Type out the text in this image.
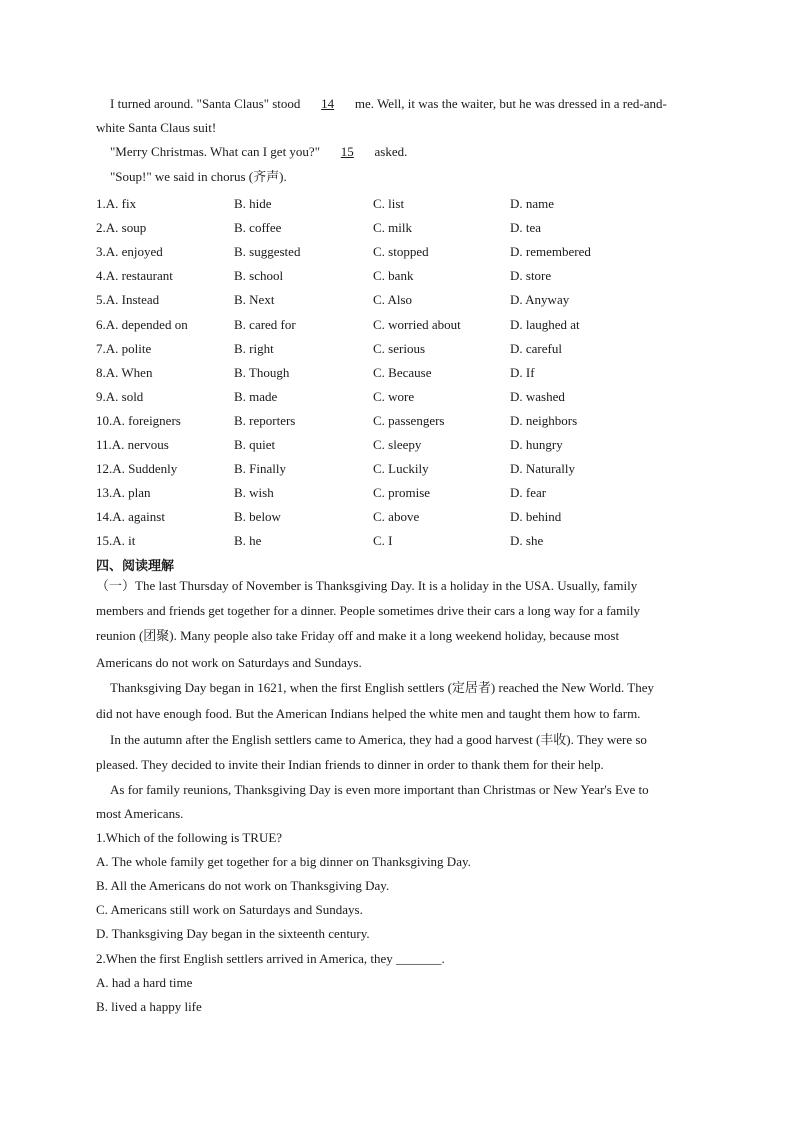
I turned around. "Santa Claus" stood 14 me. Well, it was the waiter, but he was dressed in a red-and-
white Santa Claus suit!
"Merry Christmas. What can I get you?" 15 asked.
"Soup!" we said in chorus (齐声).
1.A. fix	B. hide	C. list	D. name
2.A. soup	B. coffee	C. milk	D. tea
3.A. enjoyed	B. suggested	C. stopped	D. remembered
4.A. restaurant	B. school	C. bank	D. store
5.A. Instead	B. Next	C. Also	D. Anyway
6.A. depended on	B. cared for	C. worried about	D. laughed at
7.A. polite	B. right	C. serious	D. careful
8.A. When	B. Though	C. Because	D. If
9.A. sold	B. made	C. wore	D. washed
10.A. foreigners	B. reporters	C. passengers	D. neighbors
11.A. nervous	B. quiet	C. sleepy	D. hungry
12.A. Suddenly	B. Finally	C. Luckily	D. Naturally
13.A. plan	B. wish	C. promise	D. fear
14.A. against	B. below	C. above	D. behind
15.A. it	B. he	C. I	D. she
四、阅读理解
（一）The last Thursday of November is Thanksgiving Day. It is a holiday in the USA. Usually, family
members and friends get together for a dinner. People sometimes drive their cars a long way for a family
reunion (团聚). Many people also take Friday off and make it a long weekend holiday, because most
Americans do not work on Saturdays and Sundays.
Thanksgiving Day began in 1621, when the first English settlers (定居者) reached the New World. They
did not have enough food. But the American Indians helped the white men and taught them how to farm.
In the autumn after the English settlers came to America, they had a good harvest (丰收). They were so
pleased. They decided to invite their Indian friends to dinner in order to thank them for their help.
As for family reunions, Thanksgiving Day is even more important than Christmas or New Year's Eve to
most Americans.
1.Which of the following is TRUE?
A. The whole family get together for a big dinner on Thanksgiving Day.
B. All the Americans do not work on Thanksgiving Day.
C. Americans still work on Saturdays and Sundays.
D. Thanksgiving Day began in the sixteenth century.
2.When the first English settlers arrived in America, they _______.
A. had a hard time
B. lived a happy life
